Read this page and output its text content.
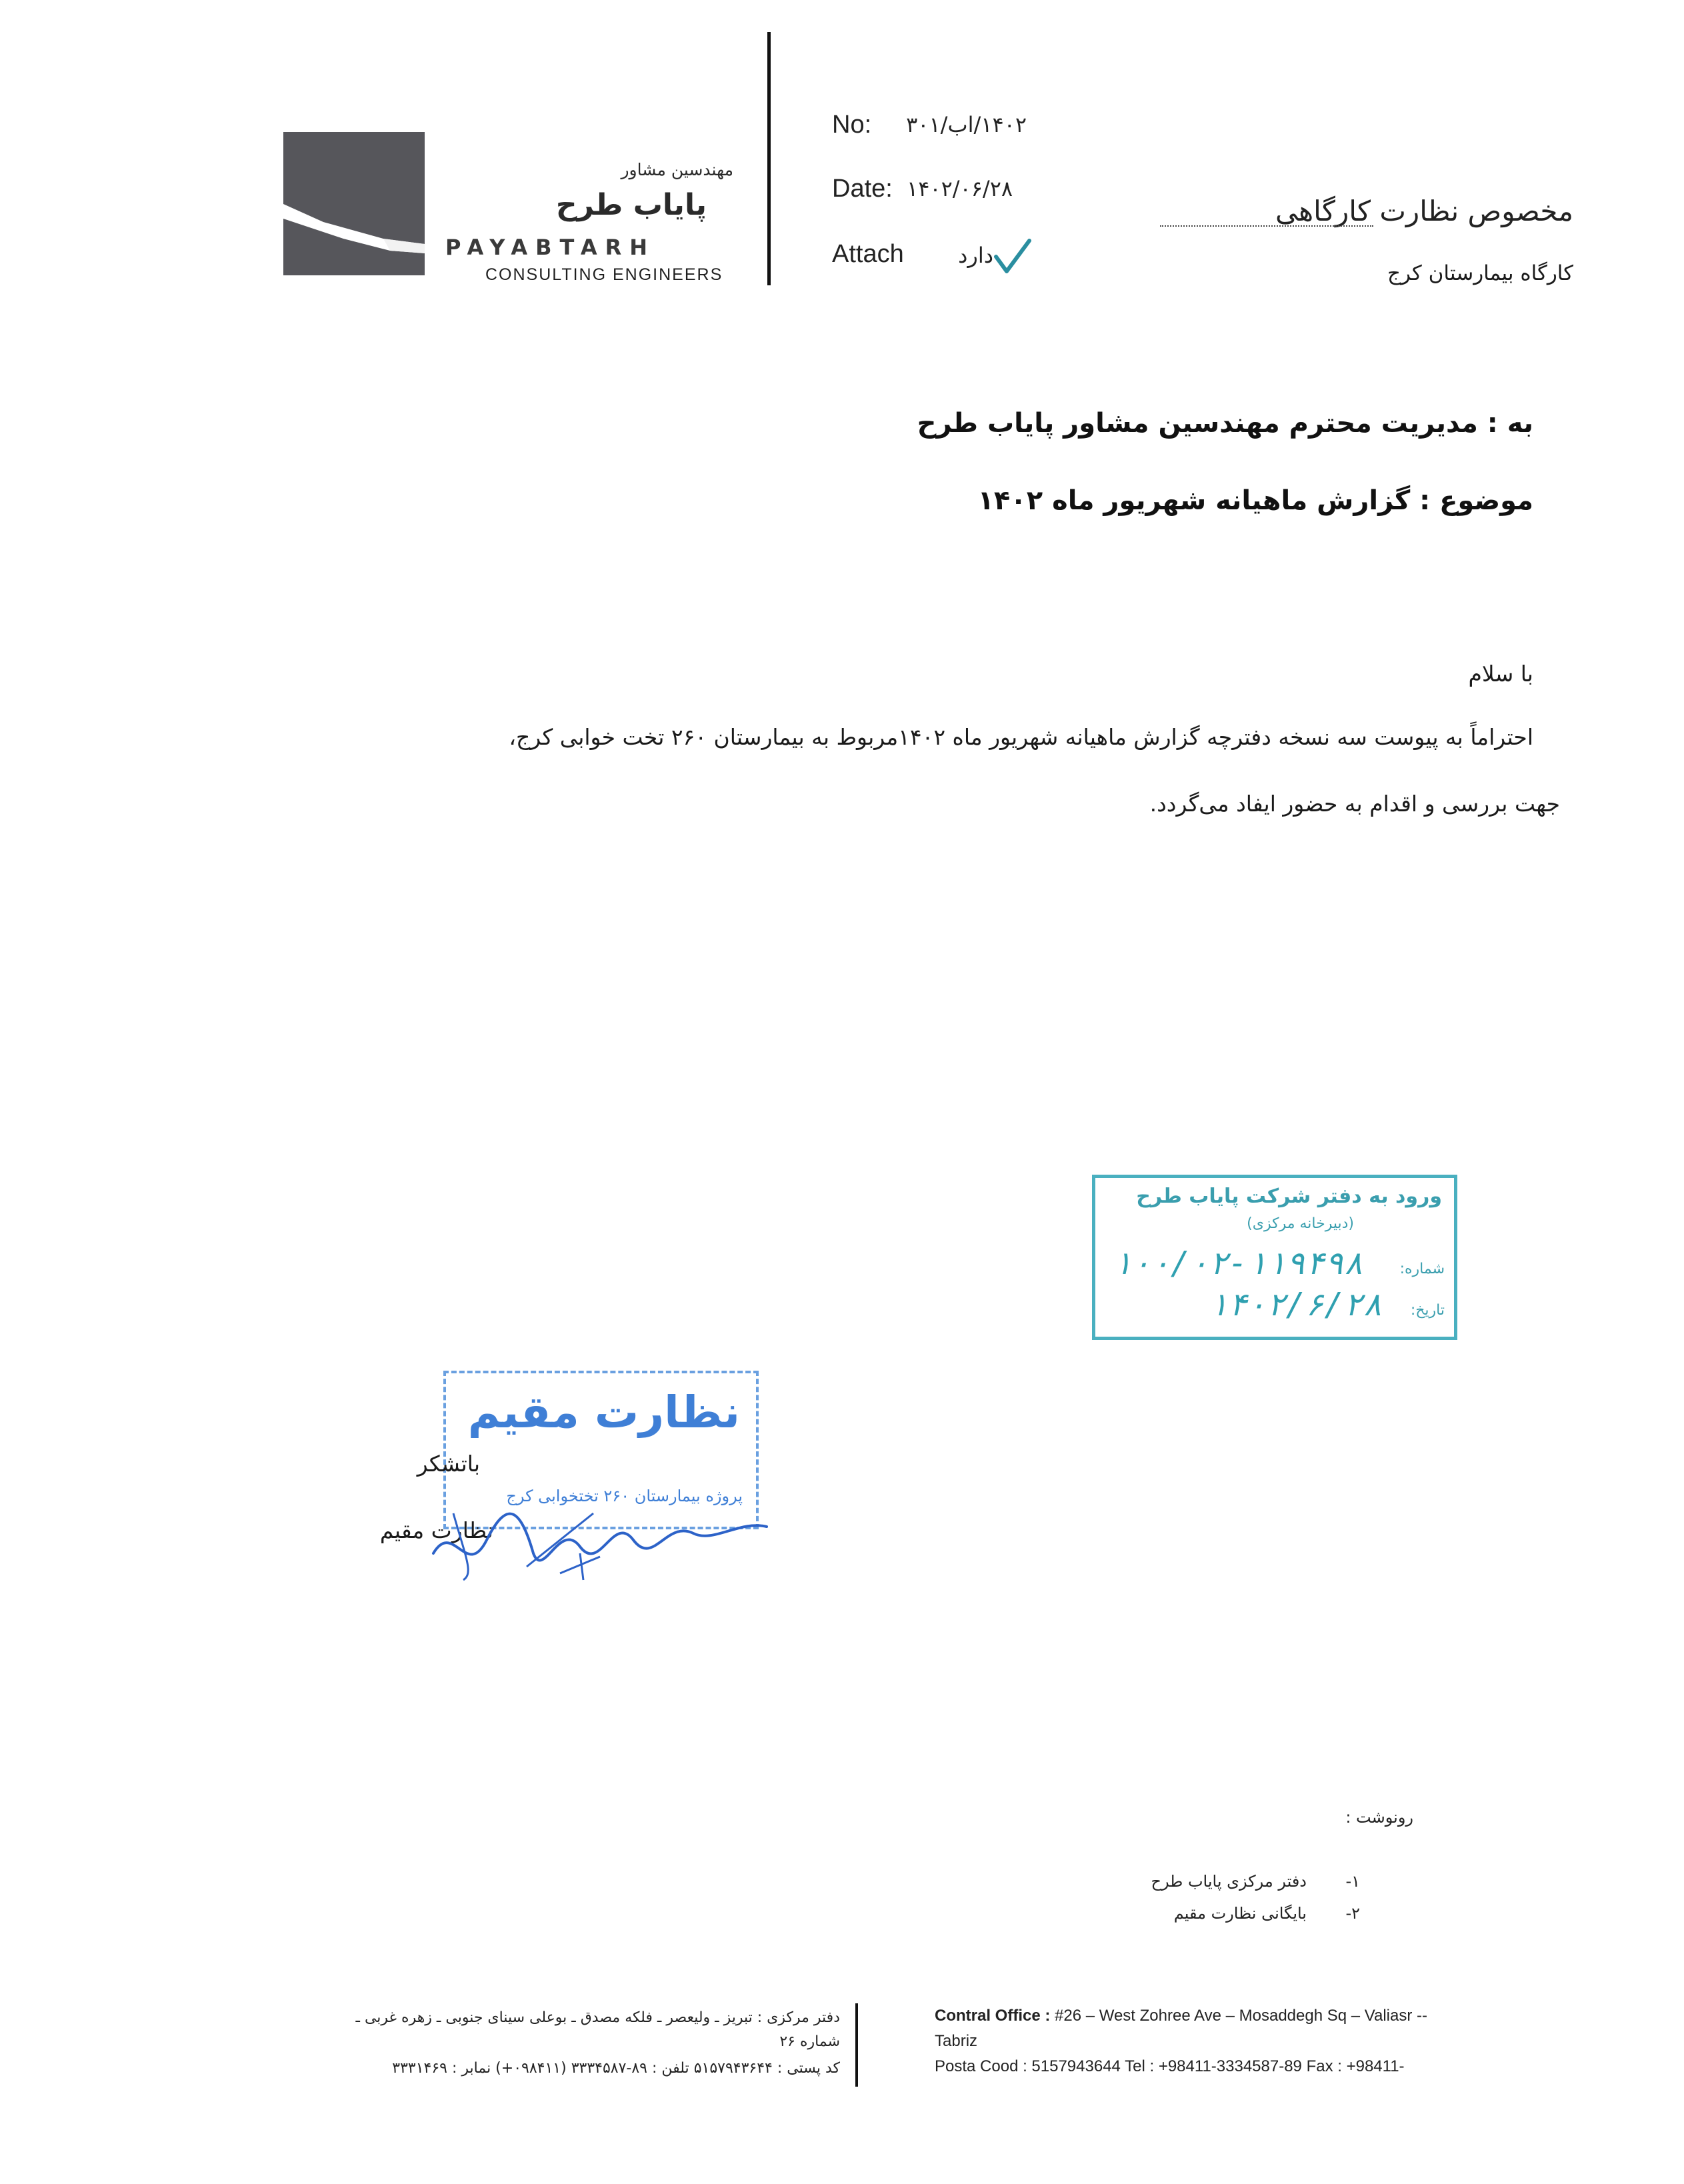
مهندسین مشاور
پایاب طرح
PAYABTARH
CONSULTING ENGINEERS
No:	۱۴۰۲/اب/۳۰۱
Date: ۱۴۰۲/۰۶/۲۸
Attach	دارد
مخصوص نظارت کارگاهی
کارگاه بیمارستان کرج
به : مدیریت محترم مهندسین مشاور پایاب طرح
موضوع : گزارش ماهیانه شهریور ماه ۱۴۰۲
با سلام
احتراماً به پیوست سه نسخه دفترچه گزارش ماهیانه شهریور ماه ۱۴۰۲مربوط به بیمارستان ۲۶۰ تخت خوابی کرج،
جهت بررسی و اقدام به حضور ایفاد می‌گردد.
ورود به دفتر شرکت پایاب طرح
(دبیرخانه مرکزی)
شماره:
۱۰۰/۰۲-۱۱۹۴۹۸
تاریخ:
۱۴۰۲/۶/۲۸
نظارت مقیم
پروژه بیمارستان ۲۶۰ تختخوابی کرج
باتشکر
نظارت مقیم
رونوشت :
۱-
دفتر مرکزی پایاب طرح
۲-
بایگانی نظارت مقیم
دفتر مرکزی : تبریز ـ ولیعصر ـ فلکه مصدق ـ بوعلی سینای جنوبی ـ زهره غربی ـ
شماره ۲۶
کد پستی : ۵۱۵۷۹۴۳۶۴۴ تلفن : ۸۹-۳۳۳۴۵۸۷ (۰۹۸۴۱۱+) نمابر : ۳۳۳۱۴۶۹
Contral Office : #26 – West Zohree Ave – Mosaddegh Sq – Valiasr --
Tabriz
Posta Cood : 5157943644 Tel : +98411-3334587-89 Fax : +98411-
